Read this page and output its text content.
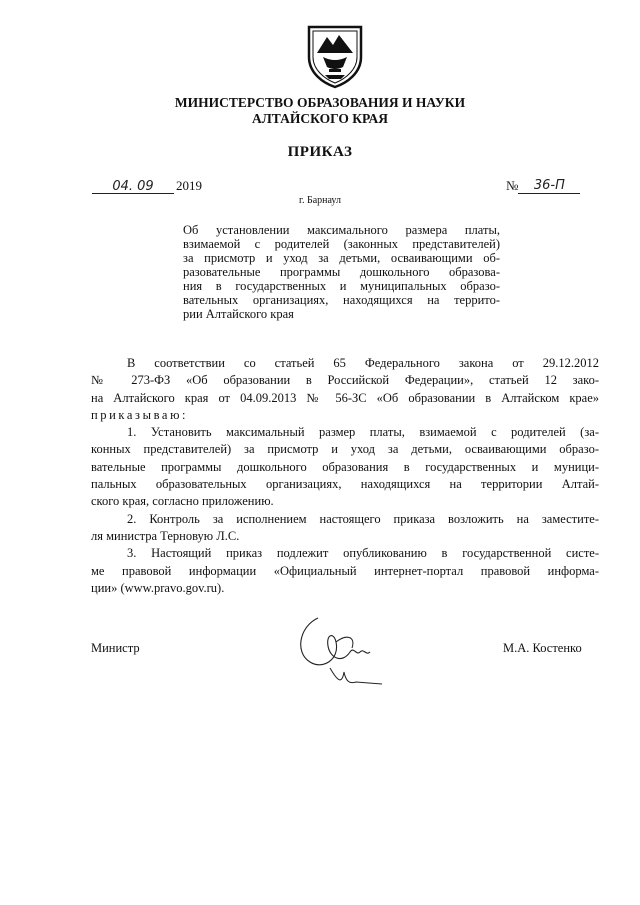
МИНИСТЕРСТВО ОБРАЗОВАНИЯ И НАУКИ
АЛТАЙСКОГО КРАЯ
ПРИКАЗ
04. 09 2019	№ 36-П
г. Барнаул
Об установлении максимального размера платы,
взимаемой с родителей (законных представителей)
за присмотр и уход за детьми, осваивающими об-
разовательные программы дошкольного образова-
ния в государственных и муниципальных образо-
вательных организациях, находящихся на террито-
рии Алтайского края
В соответствии со статьей 65 Федерального закона от 29.12.2012
№ 273-ФЗ «Об образовании в Российской Федерации», статьей 12 зако-
на Алтайского края от 04.09.2013 № 56-ЗС «Об образовании в Алтайском крае»
приказываю:
1. Установить максимальный размер платы, взимаемой с родителей (за-
конных представителей) за присмотр и уход за детьми, осваивающими образо-
вательные программы дошкольного образования в государственных и муници-
пальных образовательных организациях, находящихся на территории Алтай-
ского края, согласно приложению.
2. Контроль за исполнением настоящего приказа возложить на заместите-
ля министра Терновую Л.С.
3. Настоящий приказ подлежит опубликованию в государственной систе-
ме правовой информации «Официальный интернет-портал правовой информа-
ции» (www.pravo.gov.ru).
Министр	М.А. Костенко
